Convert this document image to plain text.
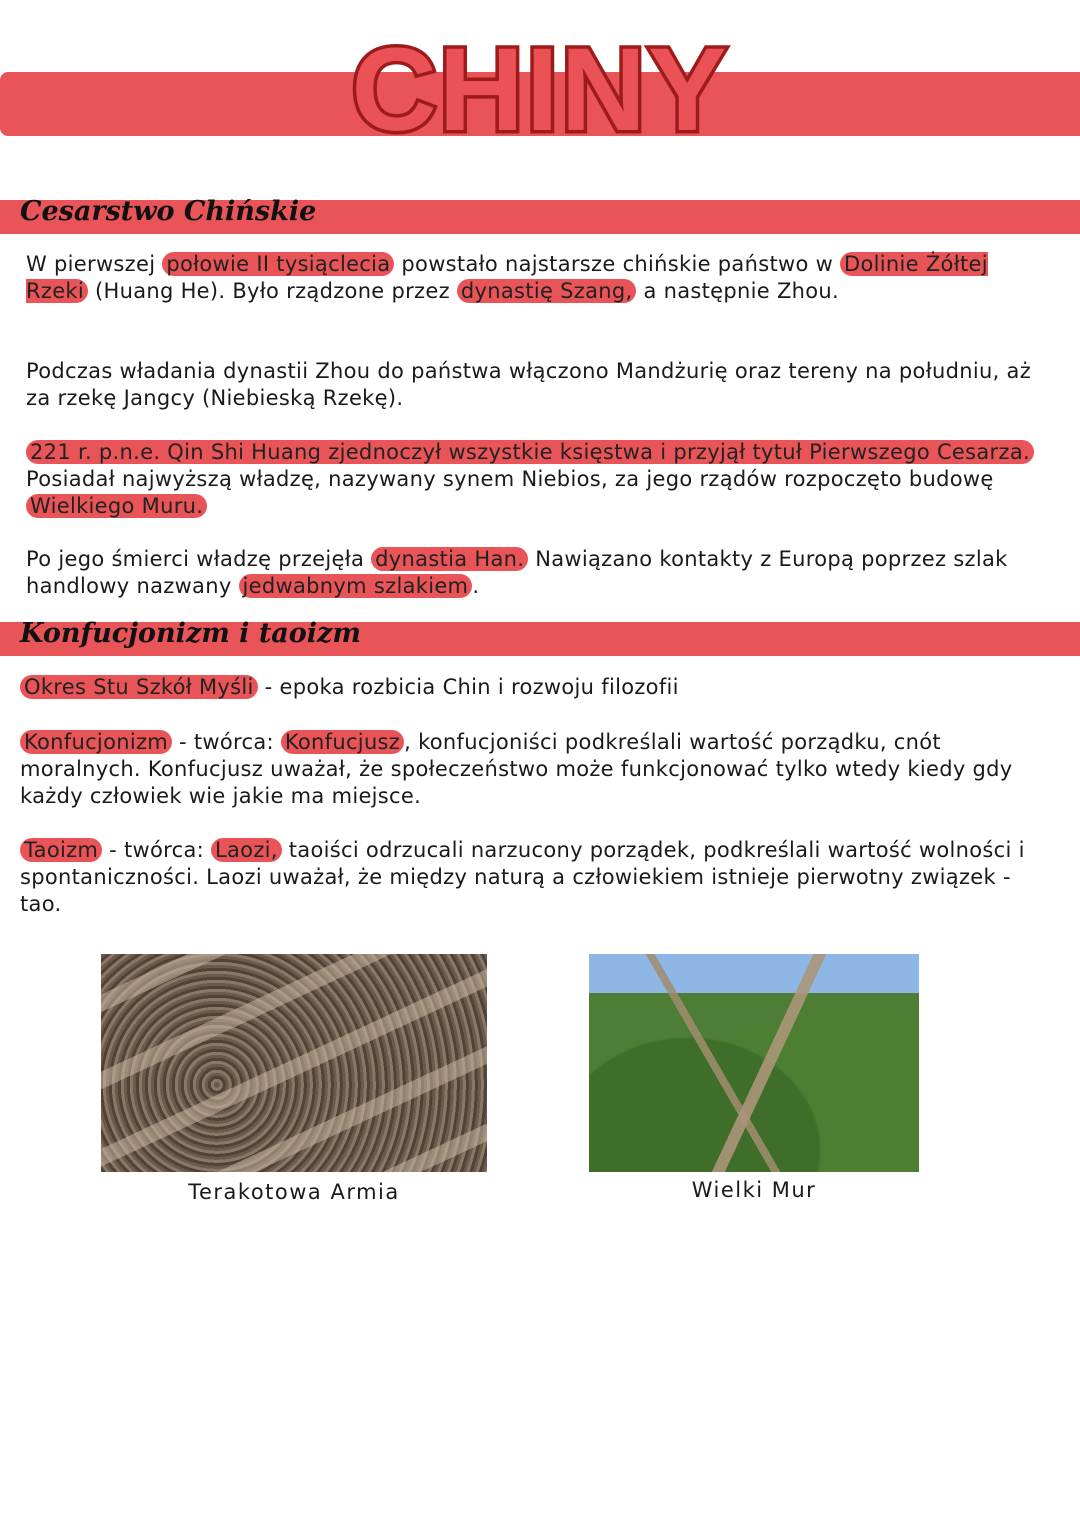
CHINY
Cesarstwo Chińskie

W pierwszej połowie II tysiąclecia powstało najstarsze chińskie państwo w Dolinie Żółtej Rzeki (Huang He). Było rządzone przez dynastię Szang, a następnie Zhou.

Podczas władania dynastii Zhou do państwa włączono Mandżurię oraz tereny na południu, aż za rzekę Jangcy (Niebieską Rzekę).

221 r. p.n.e. Qin Shi Huang zjednoczył wszystkie księstwa i przyjął tytuł Pierwszego Cesarza. Posiadał najwyższą władzę, nazywany synem Niebios, za jego rządów rozpoczęto budowę Wielkiego Muru.

Po jego śmierci władzę przejęła dynastia Han. Nawiązano kontakty z Europą poprzez szlak handlowy nazwany jedwabnym szlakiem .

Konfucjonizm i taoizm

Okres Stu Szkół Myśli - epoka rozbicia Chin i rozwoju filozofii

Konfucjonizm - twórca: Konfucjusz , konfucjoniści podkreślali wartość porządku, cnót moralnych. Konfucjusz uważał, że społeczeństwo może funkcjonować tylko wtedy kiedy gdy każdy człowiek wie jakie ma miejsce.

Taoizm - twórca: Laozi, taoiści odrzucali narzucony porządek, podkreślali wartość wolności i spontaniczności. Laozi uważał, że między naturą a człowiekiem istnieje pierwotny związek - tao.

Terakotowa Armia	Wielki Mur
